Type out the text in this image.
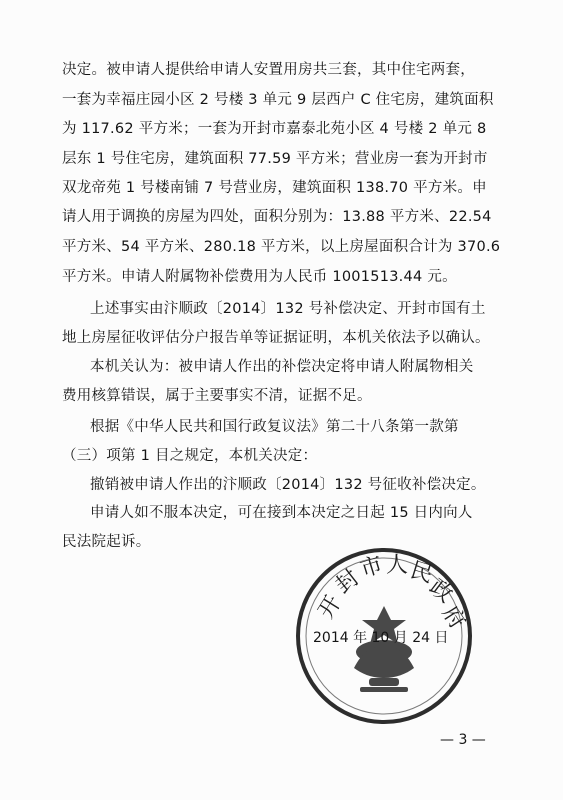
决定。被申请人提供给申请人安置用房共三套，其中住宅两套，
一套为幸福庄园小区 2 号楼 3 单元 9 层西户 C 住宅房，建筑面积
为 117.62 平方米；一套为开封市嘉泰北苑小区 4 号楼 2 单元 8
层东 1 号住宅房，建筑面积 77.59 平方米；营业房一套为开封市
双龙帝苑 1 号楼南铺 7 号营业房，建筑面积 138.70 平方米。申
请人用于调换的房屋为四处，面积分别为：13.88 平方米、22.54
平方米、54 平方米、280.18 平方米，以上房屋面积合计为 370.6
平方米。申请人附属物补偿费用为人民币 1001513.44 元。
上述事实由汴顺政〔2014〕132 号补偿决定、开封市国有土
地上房屋征收评估分户报告单等证据证明，本机关依法予以确认。
本机关认为：被申请人作出的补偿决定将申请人附属物相关
费用核算错误，属于主要事实不清，证据不足。
根据《中华人民共和国行政复议法》第二十八条第一款第
（三）项第 1 目之规定，本机关决定：
撤销被申请人作出的汴顺政〔2014〕132 号征收补偿决定。
申请人如不服本决定，可在接到本决定之日起 15 日内向人
民法院起诉。
开
封
市 人 民
政
府
2014 年 10 月 24 日
— 3 —
